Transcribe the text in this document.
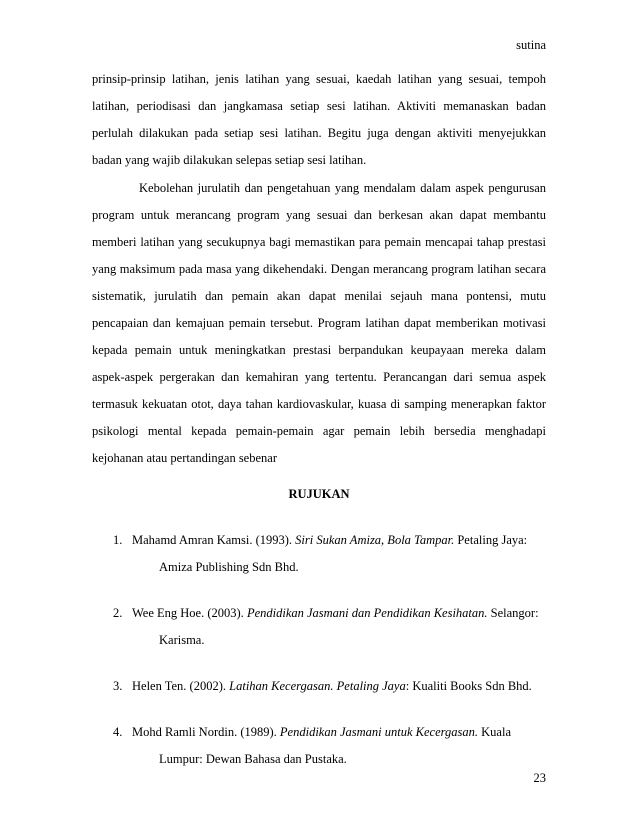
sutina

prinsip-prinsip latihan, jenis latihan yang sesuai, kaedah latihan yang sesuai, tempoh latihan, periodisasi dan jangkamasa setiap sesi latihan. Aktiviti memanaskan badan perlulah dilakukan pada setiap sesi latihan. Begitu juga dengan aktiviti menyejukkan badan yang wajib dilakukan selepas setiap sesi latihan.

Kebolehan jurulatih dan pengetahuan yang mendalam dalam aspek pengurusan program untuk merancang program yang sesuai dan berkesan akan dapat membantu memberi latihan yang secukupnya bagi memastikan para pemain mencapai tahap prestasi yang maksimum pada masa yang dikehendaki. Dengan merancang program latihan secara sistematik, jurulatih dan pemain akan dapat menilai sejauh mana pontensi, mutu pencapaian dan kemajuan pemain tersebut. Program latihan dapat memberikan motivasi kepada pemain untuk meningkatkan prestasi berpandukan keupayaan mereka dalam aspek-aspek pergerakan dan kemahiran yang tertentu. Perancangan dari semua aspek termasuk kekuatan otot, daya tahan kardiovaskular, kuasa di samping menerapkan faktor psikologi mental kepada pemain-pemain agar pemain lebih bersedia menghadapi kejohanan atau pertandingan sebenar

RUJUKAN
1. Mahamd Amran Kamsi. (1993). Siri Sukan Amiza, Bola Tampar. Petaling Jaya:
Amiza Publishing Sdn Bhd.
2. Wee Eng Hoe. (2003). Pendidikan Jasmani dan Pendidikan Kesihatan. Selangor:
Karisma.
3. Helen Ten. (2002). Latihan Kecergasan. Petaling Jaya: Kualiti Books Sdn Bhd.
4. Mohd Ramli Nordin. (1989). Pendidikan Jasmani untuk Kecergasan. Kuala
Lumpur: Dewan Bahasa dan Pustaka.
23
